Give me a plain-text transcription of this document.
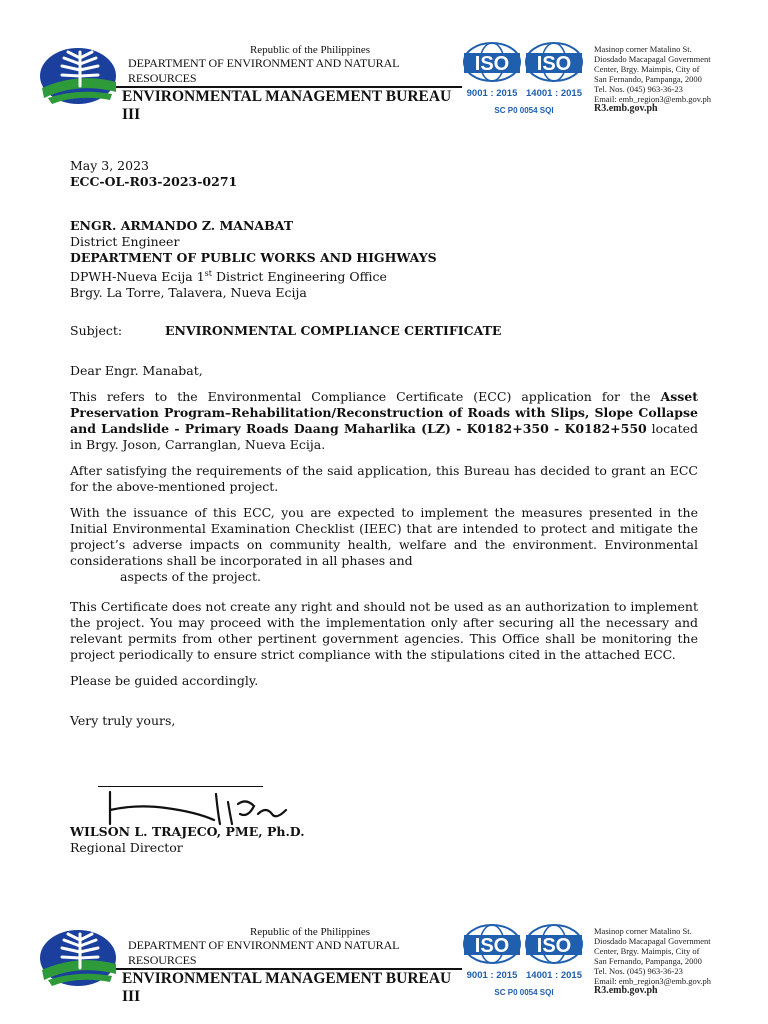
Republic of the Philippines
DEPARTMENT OF ENVIRONMENT AND NATURAL RESOURCES
ENVIRONMENTAL MANAGEMENT BUREAU III
ISO ISO
9001 : 2015 14001 : 2015
SC P0 0054 SQI
Masinop corner Matalino St.
Diosdado Macapagal Government
Center, Brgy. Maimpis, City of
San Fernando, Pampanga, 2000
Tel. Nos. (045) 963-36-23
Email: emb_region3@emb.gov.ph
R3.emb.gov.ph

May 3, 2023

ECC-OL-R03-2023-0271

ENGR. ARMANDO Z. MANABAT

District Engineer

DEPARTMENT OF PUBLIC WORKS AND HIGHWAYS

DPWH-Nueva Ecija 1st District Engineering Office

Brgy. La Torre, Talavera, Nueva Ecija

Subject:	ENVIRONMENTAL COMPLIANCE CERTIFICATE

Dear Engr. Manabat,

This refers to the Environmental Compliance Certificate (ECC) application for the Asset Preservation Program–Rehabilitation/Reconstruction of Roads with Slips, Slope Collapse and Landslide - Primary Roads Daang Maharlika (LZ) - K0182+350 - K0182+550 located in Brgy. Joson, Carranglan, Nueva Ecija.

After satisfying the requirements of the said application, this Bureau has decided to grant an ECC for the above-mentioned project.

With the issuance of this ECC, you are expected to implement the measures presented in the Initial Environmental Examination Checklist (IEEC) that are intended to protect and mitigate the project’s adverse impacts on community health, welfare and the environment. Environmental considerations shall be incorporated in all phases and

aspects of the project.

This Certificate does not create any right and should not be used as an authorization to implement the project. You may proceed with the implementation only after securing all the necessary and relevant permits from other pertinent government agencies. This Office shall be monitoring the project periodically to ensure strict compliance with the stipulations cited in the attached ECC.

Please be guided accordingly.

Very truly yours,

WILSON L. TRAJECO, PME, Ph.D.

Regional Director

Republic of the Philippines
DEPARTMENT OF ENVIRONMENT AND NATURAL RESOURCES
ENVIRONMENTAL MANAGEMENT BUREAU III
ISO ISO
9001 : 2015 14001 : 2015
SC P0 0054 SQI
Masinop corner Matalino St.
Diosdado Macapagal Government
Center, Brgy. Maimpis, City of
San Fernando, Pampanga, 2000
Tel. Nos. (045) 963-36-23
Email: emb_region3@emb.gov.ph
R3.emb.gov.ph
